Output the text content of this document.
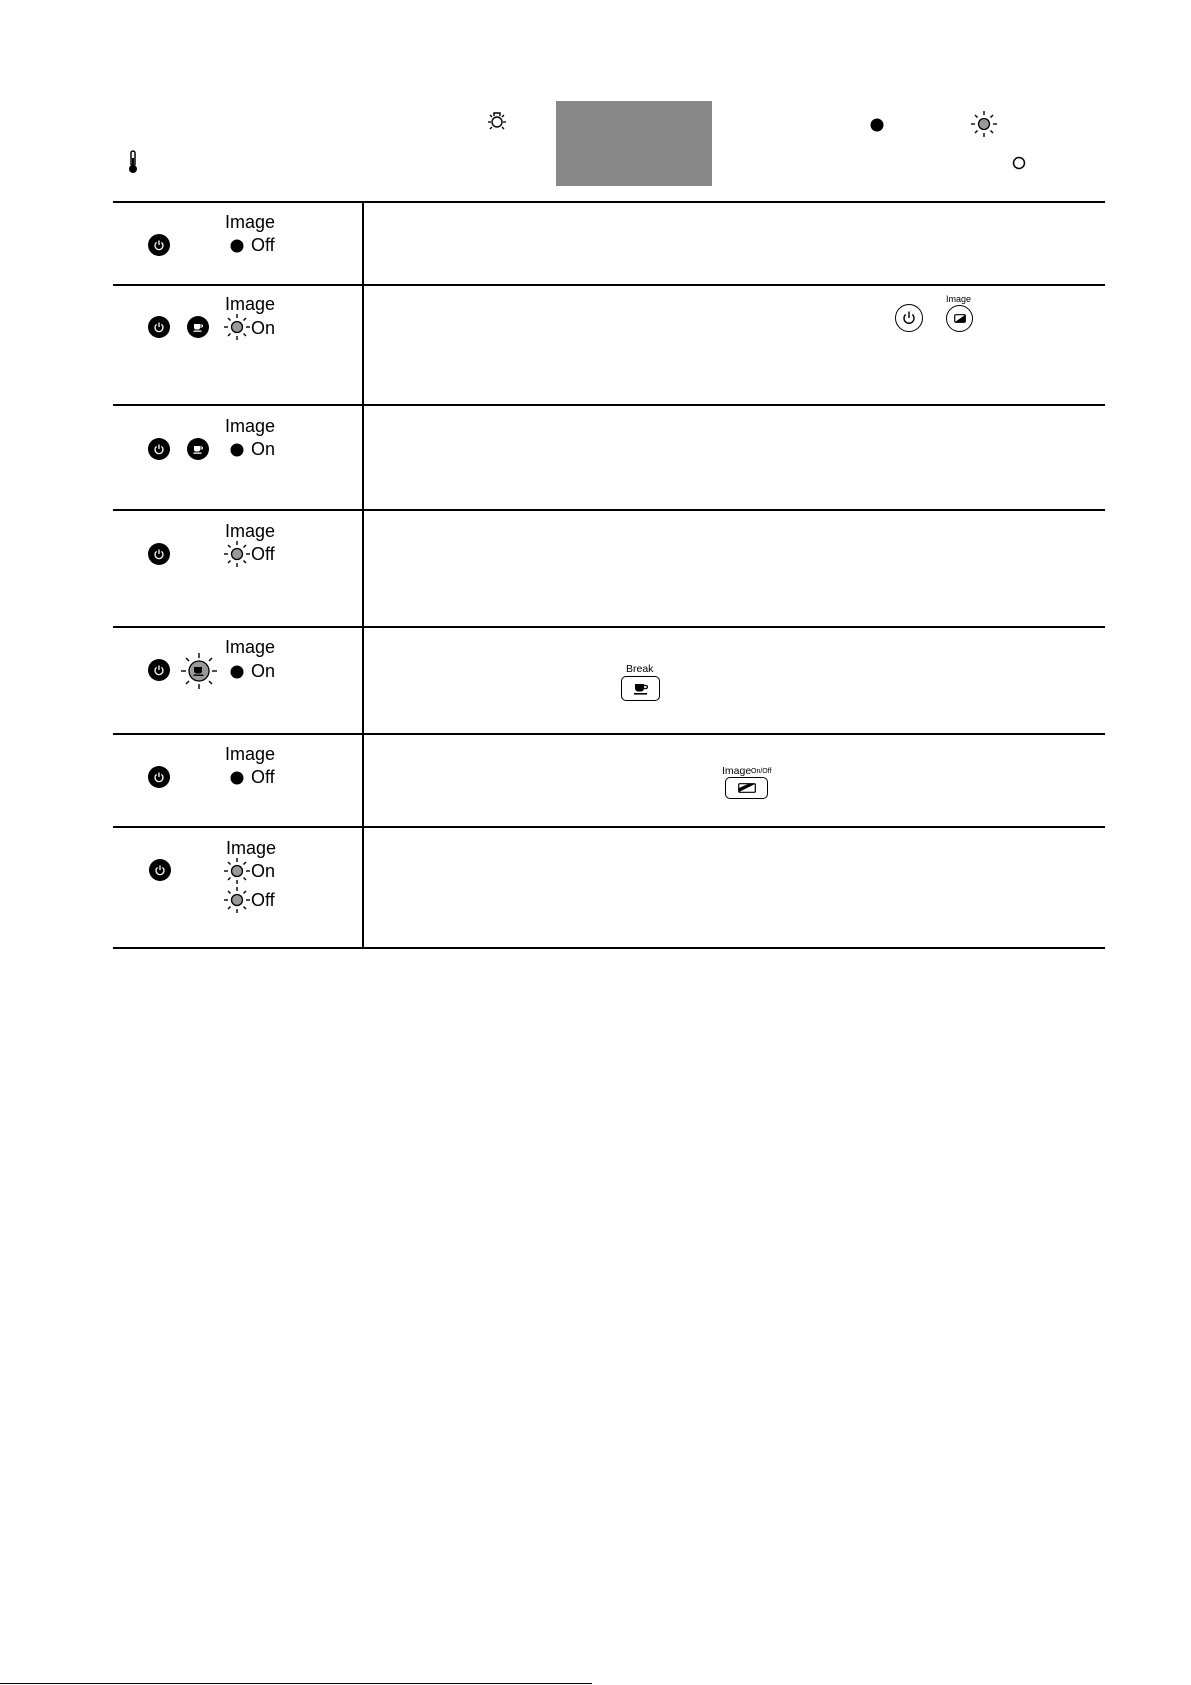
Image
Off
Image
On
Image
Image
On
Image
Off
Image
On	Break
Image
Off	Image On/Off
Image
On
Off
